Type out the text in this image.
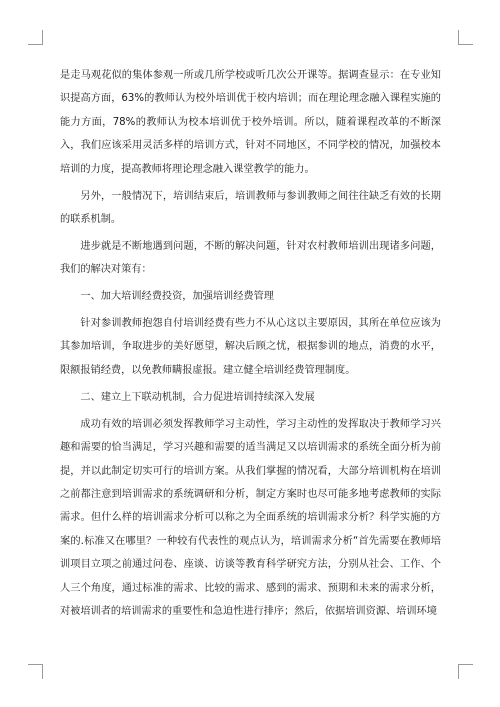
是走马观花似的集体参观一所或几所学校或听几次公开课等。据调查显示：在专业知识提高方面，63%的教师认为校外培训优于校内培训；而在理论理念融入课程实施的能力方面，78%的教师认为校本培训优于校外培训。所以，随着课程改革的不断深入，我们应该采用灵活多样的培训方式，针对不同地区，不同学校的情况，加强校本培训的力度，提高教师将理论理念融入课堂教学的能力。

另外，一般情况下，培训结束后，培训教师与参训教师之间往往缺乏有效的长期的联系机制。

进步就是不断地遇到问题，不断的解决问题，针对农村教师培训出现诸多问题，我们的解决对策有：

一、加大培训经费投资，加强培训经费管理

针对参训教师抱怨自付培训经费有些力不从心这以主要原因，其所在单位应该为其参加培训，争取进步的美好愿望，解决后顾之忧，根据参训的地点，消费的水平，限额报销经费，以免教师瞒报虚报。建立健全培训经费管理制度。

二、建立上下联动机制，合力促进培训持续深入发展

成功有效的培训必须发挥教师学习主动性，学习主动性的发挥取决于教师学习兴趣和需要的恰当满足，学习兴趣和需要的适当满足又以培训需求的系统全面分析为前提，并以此制定切实可行的培训方案。从我们掌握的情况看，大部分培训机构在培训之前都注意到培训需求的系统调研和分析，制定方案时也尽可能多地考虑教师的实际需求。但什么样的培训需求分析可以称之为全面系统的培训需求分析？科学实施的方案的.标准又在哪里？一种较有代表性的观点认为，培训需求分析“首先需要在教师培训项目立项之前通过问卷、座谈、访谈等教育科学研究方法，分别从社会、工作、个人三个角度，通过标准的需求、比较的需求、感到的需求、预期和未来的需求分析，对被培训者的培训需求的重要性和急迫性进行排序；然后，依据培训资源、培训环境
